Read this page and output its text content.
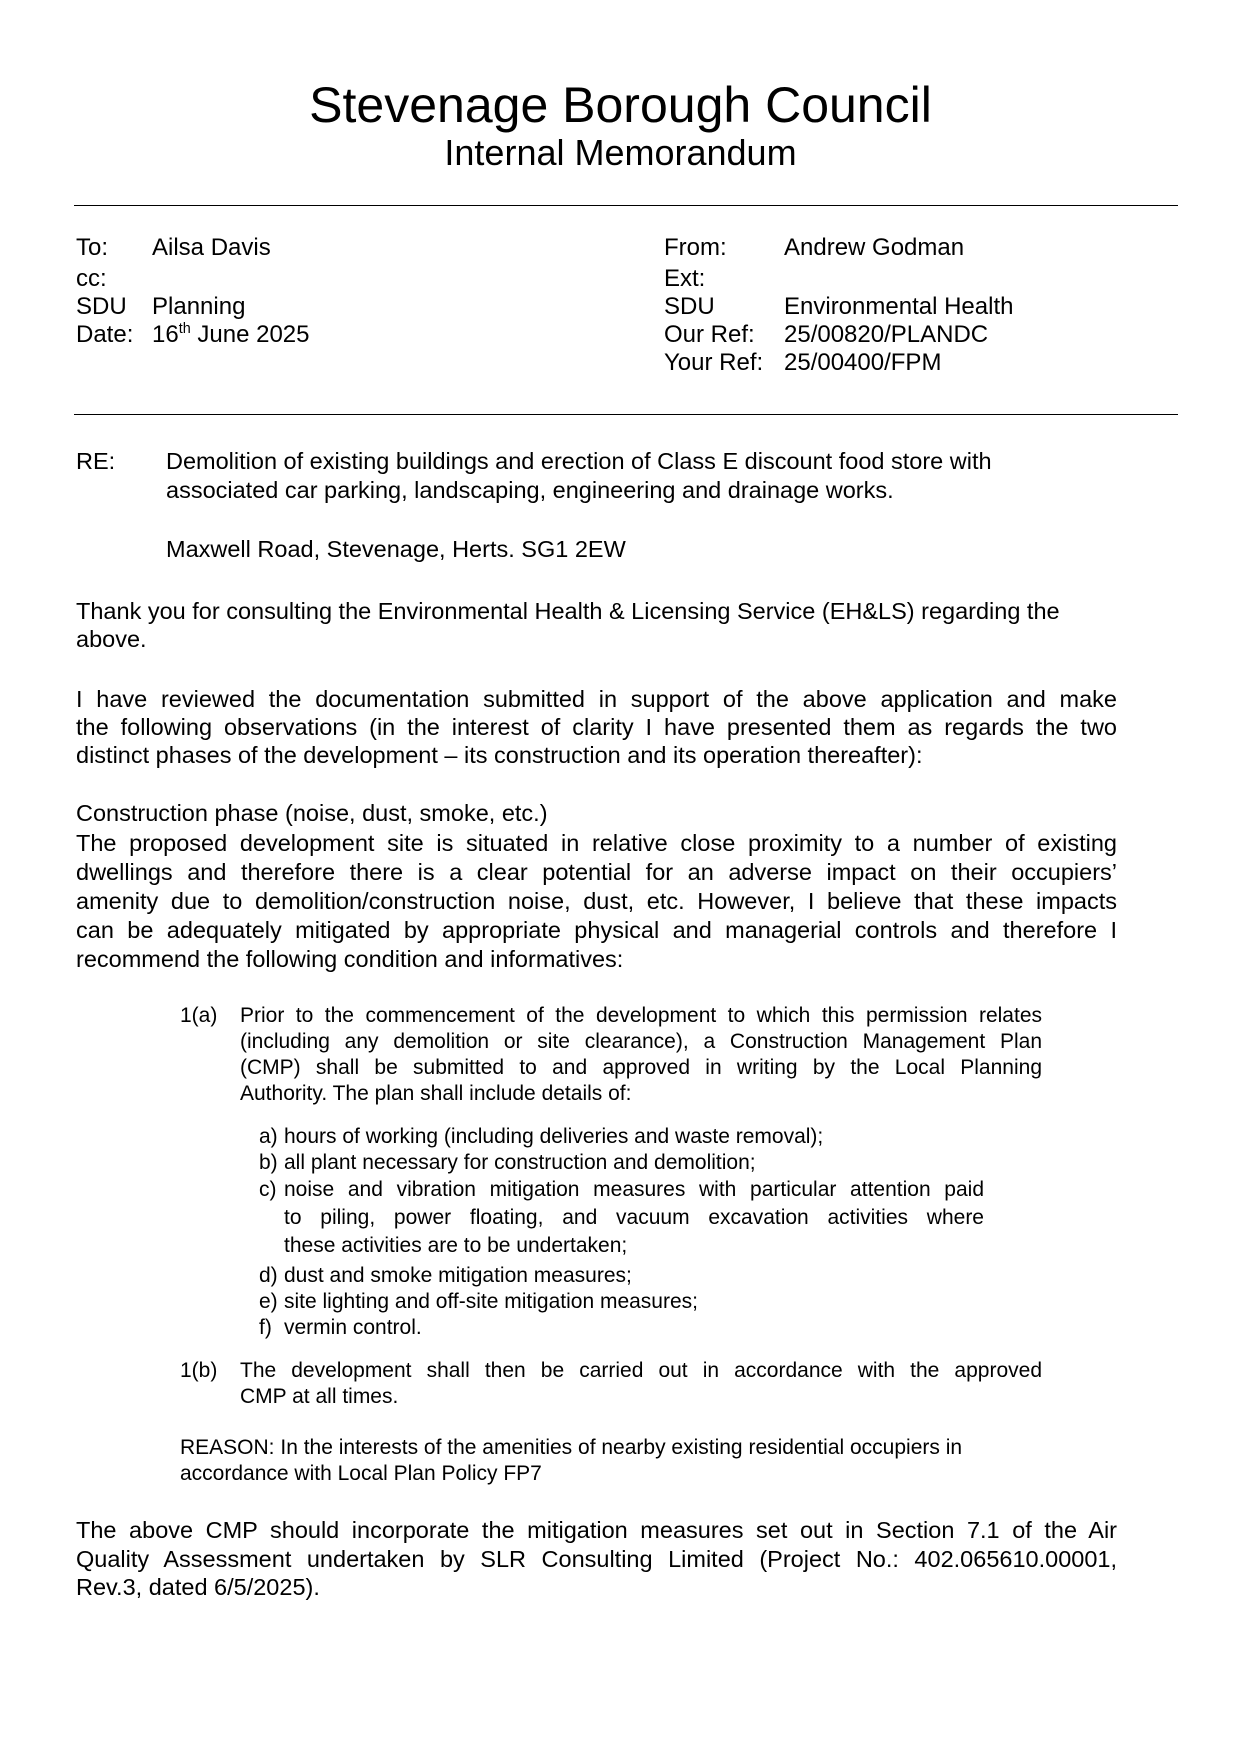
Stevenage Borough Council
Internal Memorandum
To: Ailsa Davis
cc:
SDU Planning
Date: 16th June 2025
From: Andrew Godman
Ext:
SDU	Environmental Health
Our Ref: 25/00820/PLANDC
Your Ref: 25/00400/FPM
RE: Demolition of existing buildings and erection of Class E discount food store with
associated car parking, landscaping, engineering and drainage works.
Maxwell Road, Stevenage, Herts. SG1 2EW
Thank you for consulting the Environmental Health & Licensing Service (EH&LS) regarding the
above.
I have reviewed the documentation submitted in support of the above application and make
the following observations (in the interest of clarity I have presented them as regards the two
distinct phases of the development – its construction and its operation thereafter):
Construction phase (noise, dust, smoke, etc.)
The proposed development site is situated in relative close proximity to a number of existing
dwellings and therefore there is a clear potential for an adverse impact on their occupiers’
amenity due to demolition/construction noise, dust, etc. However, I believe that these impacts
can be adequately mitigated by appropriate physical and managerial controls and therefore I
recommend the following condition and informatives:
Prior to the commencement of the development to which this permission relates
(including any demolition or site clearance), a Construction Management Plan
(CMP) shall be submitted to and approved in writing by the Local Planning
Authority. The plan shall include details of:
The development shall then be carried out in accordance with the approved
CMP at all times.
REASON: In the interests of the amenities of nearby existing residential occupiers in
accordance with Local Plan Policy FP7
The above CMP should incorporate the mitigation measures set out in Section 7.1 of the Air
Quality Assessment undertaken by SLR Consulting Limited (Project No.: 402.065610.00001,
Rev.3, dated 6/5/2025).
1(a)
1(b)
a) hours of working (including deliveries and waste removal);
b) all plant necessary for construction and demolition;
c) noise and vibration mitigation measures with particular attention paid
to piling, power floating, and vacuum excavation activities where
these activities are to be undertaken;
d) dust and smoke mitigation measures;
e) site lighting and off-site mitigation measures;
f) vermin control.
